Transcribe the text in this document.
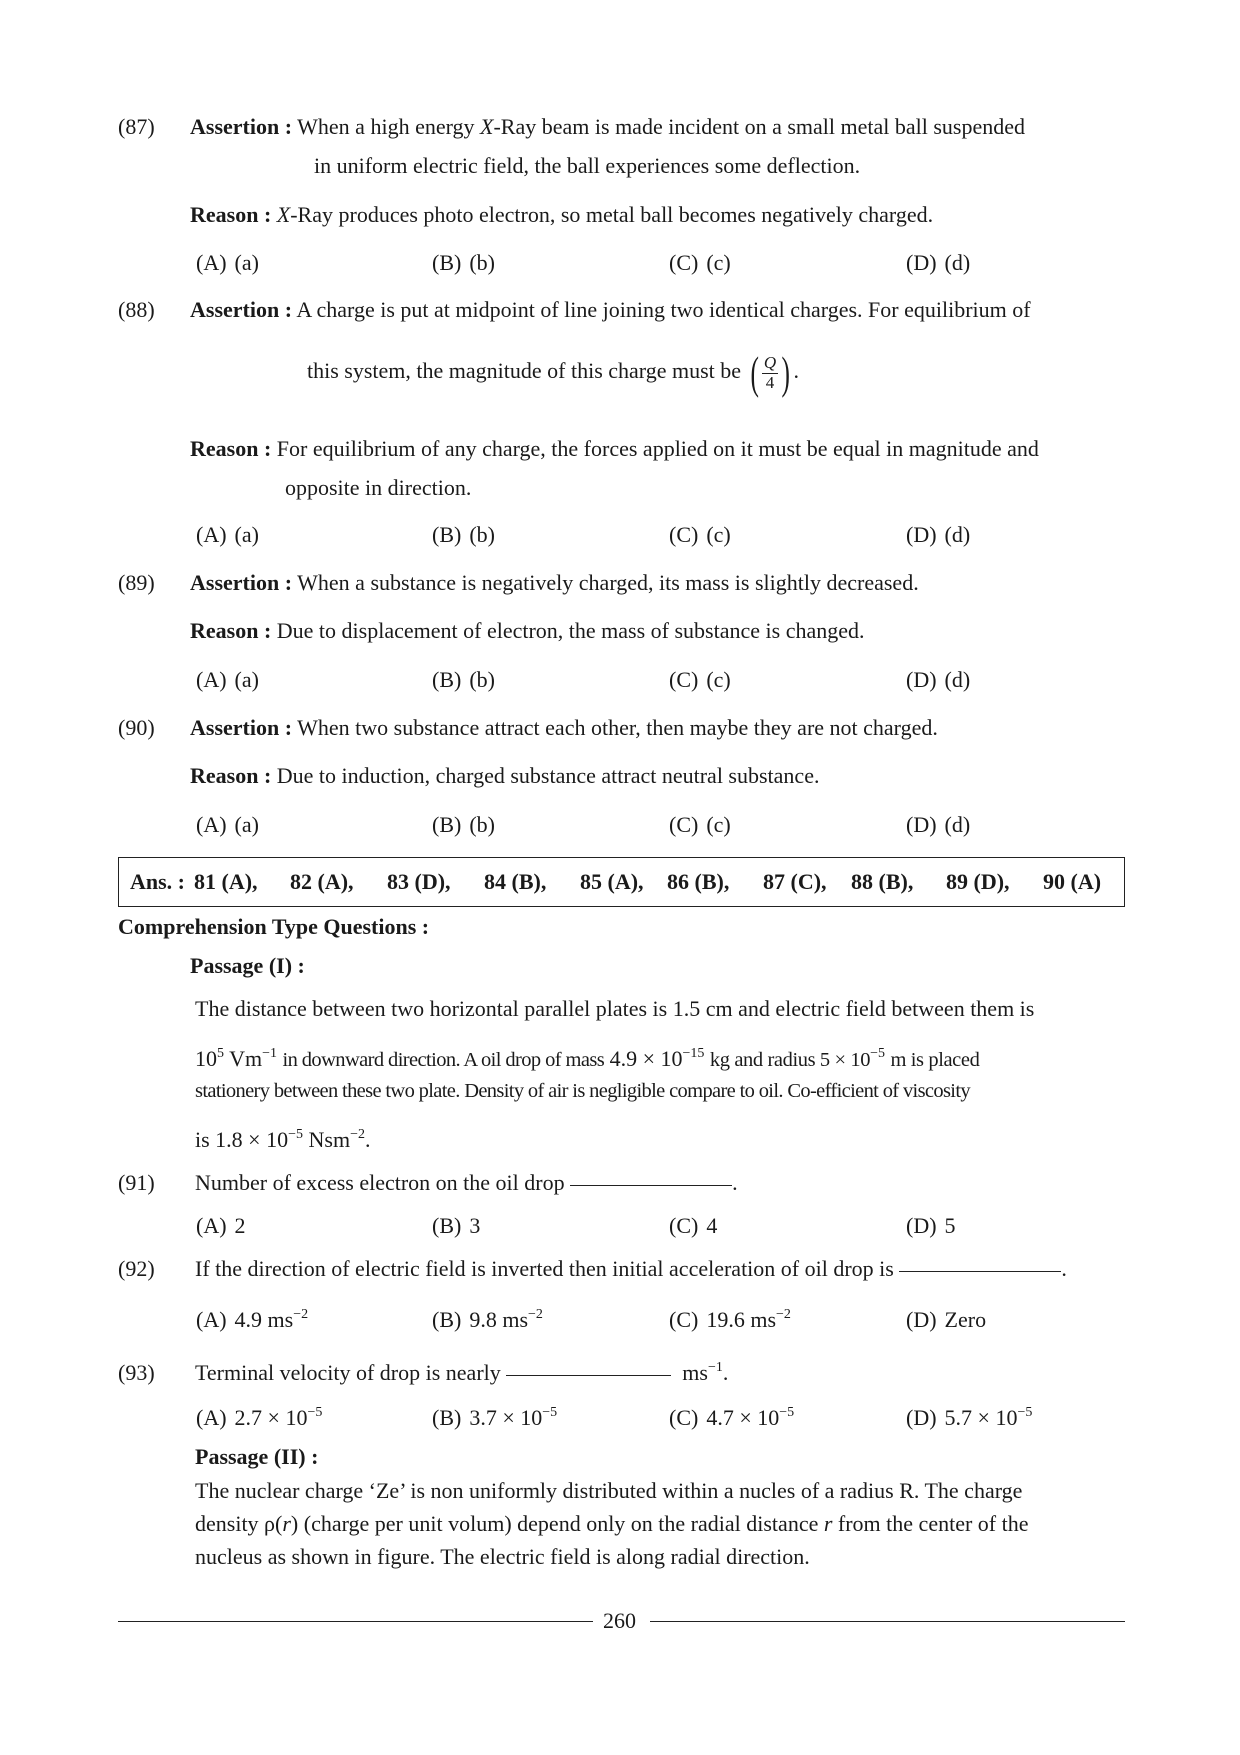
(87) Assertion : When a high energy X-Ray beam is made incident on a small metal ball suspended
in uniform electric field, the ball experiences some deflection.
Reason : X-Ray produces photo electron, so metal ball becomes negatively charged.
(A) (a)	(B) (b)	(C) (c)	(D) (d)
(88) Assertion : A charge is put at midpoint of line joining two identical charges. For equilibrium of
this system, the magnitude of this charge must be ( $\frac{Q}{4}$ ) .
Reason : For equilibrium of any charge, the forces applied on it must be equal in magnitude and
opposite in direction.
(A) (a)	(B) (b)	(C) (c)	(D) (d)
(89) Assertion : When a substance is negatively charged, its mass is slightly decreased.
Reason : Due to displacement of electron, the mass of substance is changed.
(A) (a)	(B) (b)	(C) (c)	(D) (d)
(90) Assertion : When two substance attract each other, then maybe they are not charged.
Reason : Due to induction, charged substance attract neutral substance.
(A) (a)	(B) (b)	(C) (c)	(D) (d)
Ans. : 81 (A), 82 (A), 83 (D), 84 (B), 85 (A), 86 (B), 87 (C), 88 (B), 89 (D), 90 (A)
Comprehension Type Questions :
Passage (I) :
The distance between two horizontal parallel plates is 1.5 cm and electric field between them is
$10^5$ $Vm^{-1}$ in downward direction. A oil drop of mass $4.9 \times 10^{-15}$ kg and radius $5 \times 10^{-5}$ m is placed
stationery between these two plate. Density of air is negligible compare to oil. Co-efficient of viscosity
is $1.8 \times 10^{-5}$ Nsm$^{-2}$.
(91) Number of excess electron on the oil drop	.
(A) 2	(B) 3	(C) 4	(D) 5
(92) If the direction of electric field is inverted then initial acceleration of oil drop is	.
(A) 4.9 $ms^{-2}$	(B) 9.8 $ms^{-2}$	(C) 19.6 $ms^{-2}$	(D) Zero
(93) Terminal velocity of drop is nearly	$ms^{-1}$.
(A) $2.7 \times 10^{-5}$	(B) $3.7 \times 10^{-5}$	(C) $4.7 \times 10^{-5}$	(D) $5.7 \times 10^{-5}$
Passage (II) :
The nuclear charge ‘Ze’ is non uniformly distributed within a nucles of a radius R. The charge
density ρ(r) (charge per unit volum) depend only on the radial distance r from the center of the
nucleus as shown in figure. The electric field is along radial direction.
260
